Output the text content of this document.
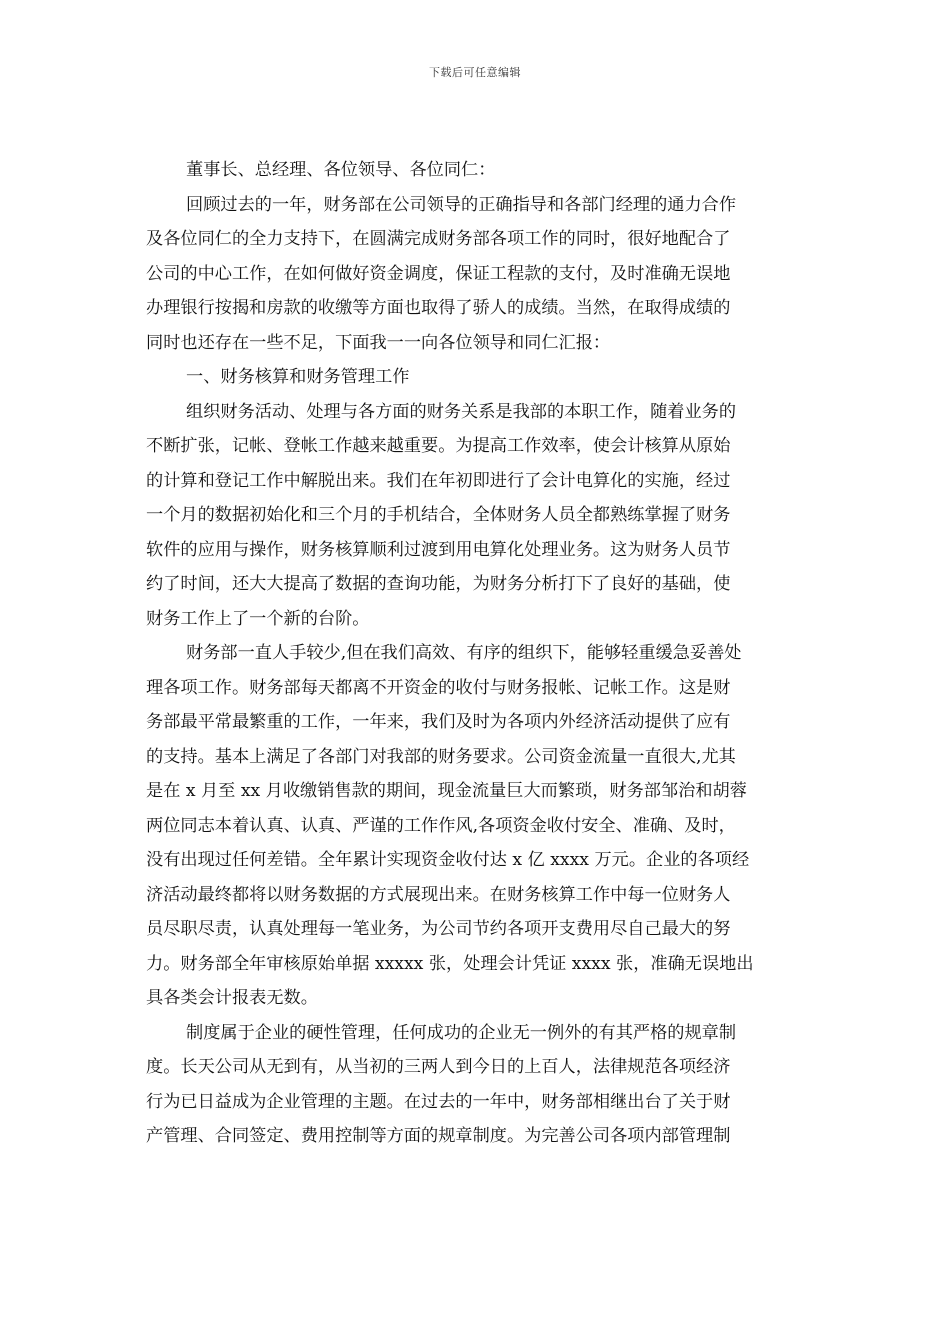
下载后可任意编辑
董事长、总经理、各位领导、各位同仁：
回顾过去的一年，财务部在公司领导的正确指导和各部门经理的通力合作
及各位同仁的全力支持下，在圆满完成财务部各项工作的同时，很好地配合了
公司的中心工作，在如何做好资金调度，保证工程款的支付，及时准确无误地
办理银行按揭和房款的收缴等方面也取得了骄人的成绩。当然，在取得成绩的
同时也还存在一些不足，下面我一一向各位领导和同仁汇报：
一、财务核算和财务管理工作
组织财务活动、处理与各方面的财务关系是我部的本职工作，随着业务的
不断扩张，记帐、登帐工作越来越重要。为提高工作效率，使会计核算从原始
的计算和登记工作中解脱出来。我们在年初即进行了会计电算化的实施，经过
一个月的数据初始化和三个月的手机结合，全体财务人员全都熟练掌握了财务
软件的应用与操作，财务核算顺利过渡到用电算化处理业务。这为财务人员节
约了时间，还大大提高了数据的查询功能，为财务分析打下了良好的基础，使
财务工作上了一个新的台阶。
财务部一直人手较少,但在我们高效、有序的组织下，能够轻重缓急妥善处
理各项工作。财务部每天都离不开资金的收付与财务报帐、记帐工作。这是财
务部最平常最繁重的工作，一年来，我们及时为各项内外经济活动提供了应有
的支持。基本上满足了各部门对我部的财务要求。公司资金流量一直很大,尤其
是在 x 月至 xx 月收缴销售款的期间，现金流量巨大而繁琐，财务部邹治和胡蓉
两位同志本着认真、认真、严谨的工作作风,各项资金收付安全、准确、及时，
没有出现过任何差错。全年累计实现资金收付达 x 亿 xxxx 万元。企业的各项经
济活动最终都将以财务数据的方式展现出来。在财务核算工作中每一位财务人
员尽职尽责，认真处理每一笔业务，为公司节约各项开支费用尽自己最大的努
力。财务部全年审核原始单据 xxxxx 张，处理会计凭证 xxxx 张，准确无误地出
具各类会计报表无数。
制度属于企业的硬性管理，任何成功的企业无一例外的有其严格的规章制
度。长天公司从无到有，从当初的三两人到今日的上百人，法律规范各项经济
行为已日益成为企业管理的主题。在过去的一年中，财务部相继出台了关于财
产管理、合同签定、费用控制等方面的规章制度。为完善公司各项内部管理制
